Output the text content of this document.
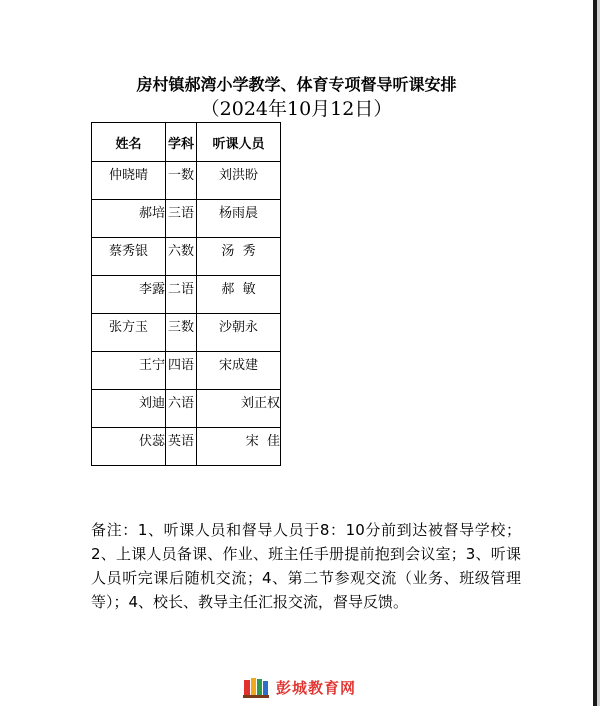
房村镇郝湾小学教学、体育专项督导听课安排
（2024年10月12日）
姓名	学科	听课人员
仲晓晴	一数	刘洪盼
郝培	三语	杨雨晨
蔡秀银	六数	汤  秀
李露	二语	郝  敏
张方玉	三数	沙朝永
王宁	四语	宋成建
刘迪	六语	刘正权
伏蕊	英语	宋  佳
备注：1、听课人员和督导人员于8：10分前到达被督导学校；2、上课人员备课、作业、班主任手册提前抱到会议室；3、听课人员听完课后随机交流；4、第二节参观交流（业务、班级管理等）；4、校长、教导主任汇报交流，督导反馈。
彭城教育网
